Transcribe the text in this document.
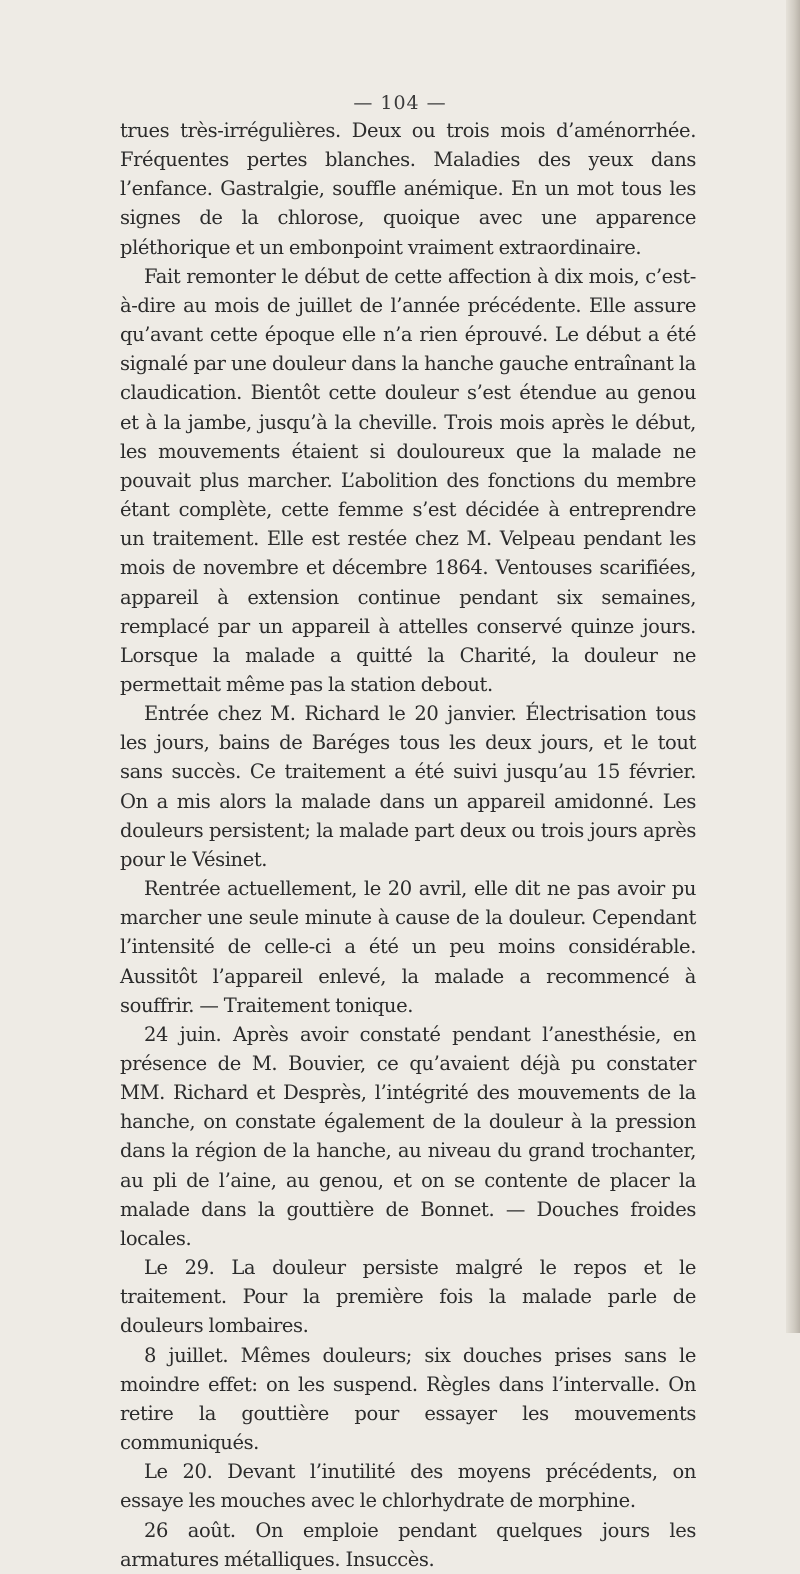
— 104 —

trues très-irrégulières. Deux ou trois mois d’aménorrhée. Fréquentes pertes blanches. Maladies des yeux dans l’enfance. Gastralgie, souffle anémique. En un mot tous les signes de la chlorose, quoique avec une apparence pléthorique et un embonpoint vraiment extraordinaire.

Fait remonter le début de cette affection à dix mois, c’est-à-dire au mois de juillet de l’année précédente. Elle assure qu’avant cette époque elle n’a rien éprouvé. Le début a été signalé par une douleur dans la hanche gauche entraînant la claudication. Bientôt cette douleur s’est étendue au genou et à la jambe, jusqu’à la cheville. Trois mois après le début, les mouvements étaient si douloureux que la malade ne pouvait plus marcher. L’abolition des fonctions du membre étant complète, cette femme s’est décidée à entreprendre un traitement. Elle est restée chez M. Velpeau pendant les mois de novembre et décembre 1864. Ventouses scarifiées, appareil à extension continue pendant six semaines, remplacé par un appareil à attelles conservé quinze jours. Lorsque la malade a quitté la Charité, la douleur ne permettait même pas la station debout.

Entrée chez M. Richard le 20 janvier. Électrisation tous les jours, bains de Baréges tous les deux jours, et le tout sans succès. Ce traitement a été suivi jusqu’au 15 février. On a mis alors la malade dans un appareil amidonné. Les douleurs persistent; la malade part deux ou trois jours après pour le Vésinet.

Rentrée actuellement, le 20 avril, elle dit ne pas avoir pu marcher une seule minute à cause de la douleur. Cependant l’intensité de celle-ci a été un peu moins considérable. Aussitôt l’appareil enlevé, la malade a recommencé à souffrir. — Traitement tonique.

24 juin. Après avoir constaté pendant l’anesthésie, en présence de M. Bouvier, ce qu’avaient déjà pu constater MM. Richard et Desprès, l’intégrité des mouvements de la hanche, on constate également de la douleur à la pression dans la région de la hanche, au niveau du grand trochanter, au pli de l’aine, au genou, et on se contente de placer la malade dans la gouttière de Bonnet. — Douches froides locales.

Le 29. La douleur persiste malgré le repos et le traitement. Pour la première fois la malade parle de douleurs lombaires.

8 juillet. Mêmes douleurs; six douches prises sans le moindre effet: on les suspend. Règles dans l’intervalle. On retire la gouttière pour essayer les mouvements communiqués.

Le 20. Devant l’inutilité des moyens précédents, on essaye les mouches avec le chlorhydrate de morphine.

26 août. On emploie pendant quelques jours les armatures métalliques. Insuccès.
